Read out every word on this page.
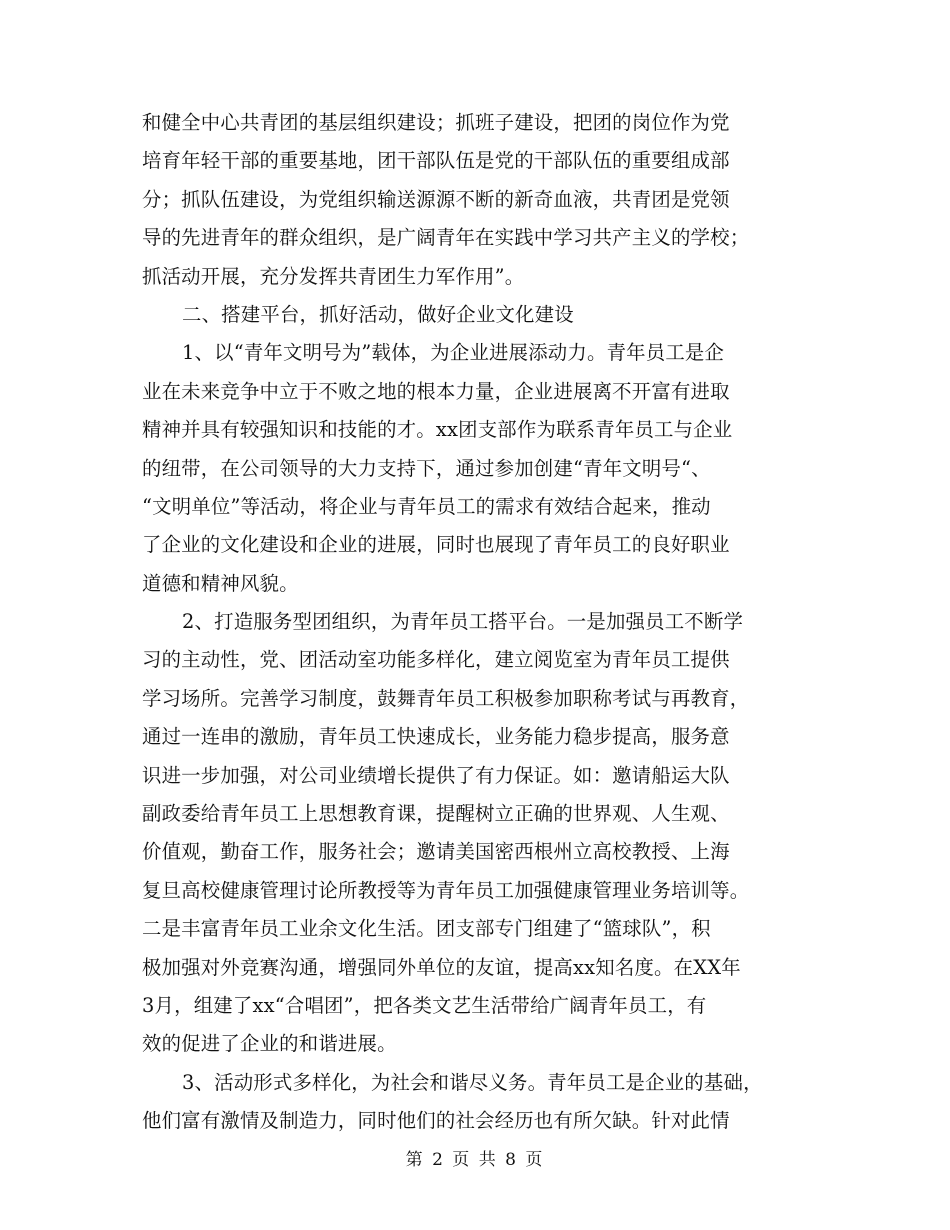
和健全中心共青团的基层组织建设；抓班子建设，把团的岗位作为党
培育年轻干部的重要基地，团干部队伍是党的干部队伍的重要组成部
分；抓队伍建设，为党组织输送源源不断的新奇血液，共青团是党领
导的先进青年的群众组织，是广阔青年在实践中学习共产主义的学校；
抓活动开展，充分发挥共青团生力军作用”。
二、搭建平台，抓好活动，做好企业文化建设
1、以“青年文明号为”载体，为企业进展添动力。青年员工是企
业在未来竞争中立于不败之地的根本力量，企业进展离不开富有进取
精神并具有较强知识和技能的才。xx团支部作为联系青年员工与企业
的纽带，在公司领导的大力支持下，通过参加创建“青年文明号“、
“文明单位”等活动，将企业与青年员工的需求有效结合起来，推动
了企业的文化建设和企业的进展，同时也展现了青年员工的良好职业
道德和精神风貌。
2、打造服务型团组织，为青年员工搭平台。一是加强员工不断学
习的主动性，党、团活动室功能多样化，建立阅览室为青年员工提供
学习场所。完善学习制度，鼓舞青年员工积极参加职称考试与再教育，
通过一连串的激励，青年员工快速成长，业务能力稳步提高，服务意
识进一步加强，对公司业绩增长提供了有力保证。如：邀请船运大队
副政委给青年员工上思想教育课，提醒树立正确的世界观、人生观、
价值观，勤奋工作，服务社会；邀请美国密西根州立高校教授、上海
复旦高校健康管理讨论所教授等为青年员工加强健康管理业务培训等。
二是丰富青年员工业余文化生活。团支部专门组建了“篮球队”，积
极加强对外竞赛沟通，增强同外单位的友谊，提高xx知名度。在XX年
3月，组建了xx“合唱团”，把各类文艺生活带给广阔青年员工，有
效的促进了企业的和谐进展。
3、活动形式多样化，为社会和谐尽义务。青年员工是企业的基础，
他们富有激情及制造力，同时他们的社会经历也有所欠缺。针对此情
第 2 页 共 8 页
